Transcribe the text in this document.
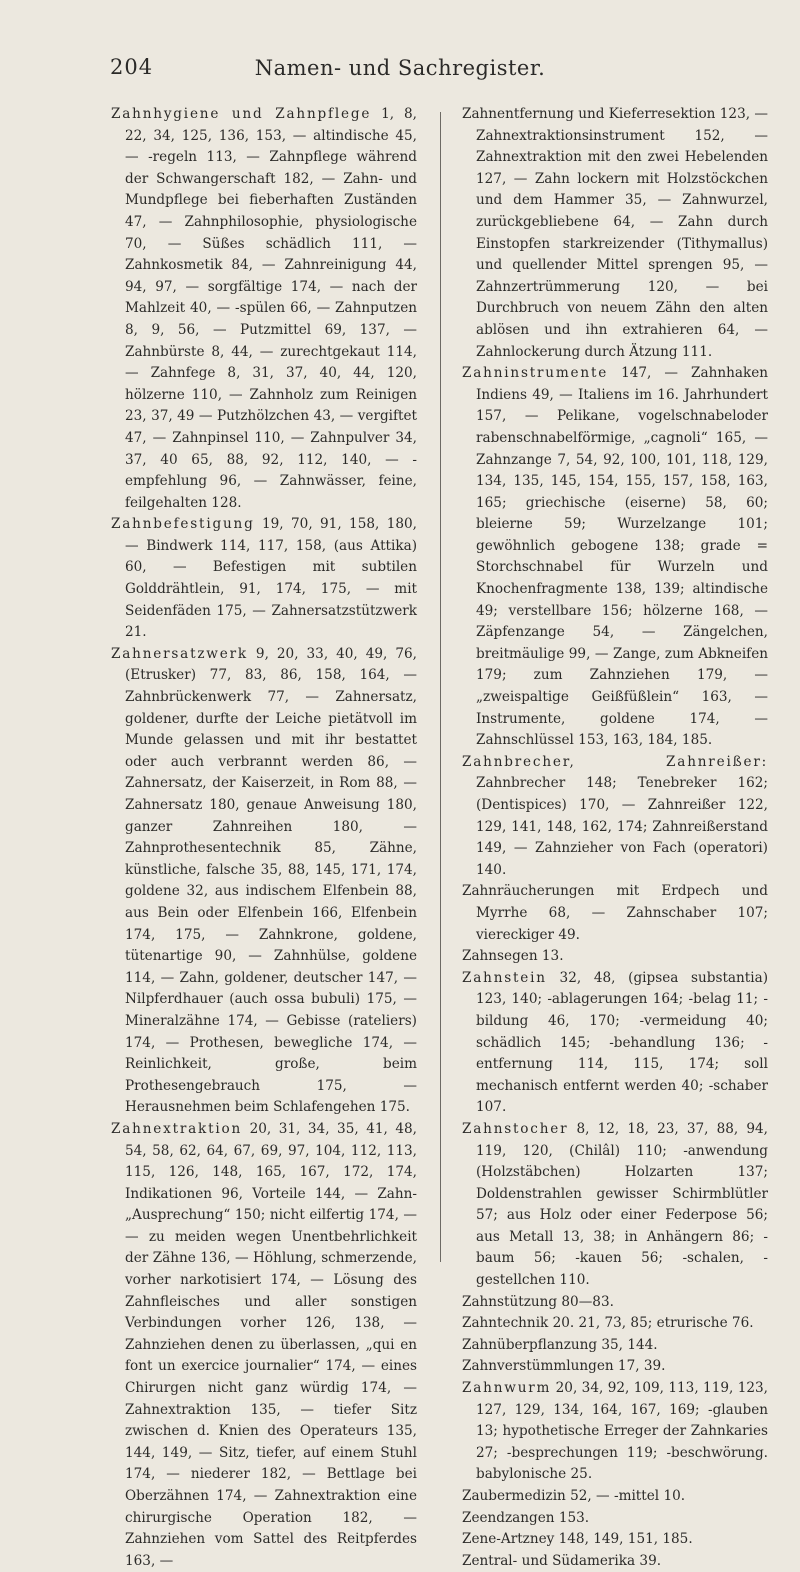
204	Namen- und Sachregister.

Zahnhygiene und Zahnpflege 1, 8, 22, 34, 125, 136, 153, — altindische 45, — -regeln 113, — Zahnpflege während der Schwangerschaft 182, — Zahn- und Mundpflege bei fieberhaften Zuständen 47, — Zahnphilosophie, physiologische 70, — Süßes schädlich 111, — Zahnkosmetik 84, — Zahnreinigung 44, 94, 97, — sorgfältige 174, — nach der Mahlzeit 40, — -spülen 66, — Zahnputzen 8, 9, 56, — Putzmittel 69, 137, — Zahnbürste 8, 44, — zurechtgekaut 114, — Zahnfege 8, 31, 37, 40, 44, 120, hölzerne 110, — Zahnholz zum Reinigen 23, 37, 49 — Putzhölzchen 43, — vergiftet 47, — Zahnpinsel 110, — Zahnpulver 34, 37, 40 65, 88, 92, 112, 140, — -empfehlung 96, — Zahnwässer, feine, feilgehalten 128.

Zahnbefestigung 19, 70, 91, 158, 180, — Bindwerk 114, 117, 158, (aus Attika) 60, — Befestigen mit subtilen Golddrähtlein, 91, 174, 175, — mit Seidenfäden 175, — Zahnersatzstützwerk 21.

Zahnersatzwerk 9, 20, 33, 40, 49, 76, (Etrusker) 77, 83, 86, 158, 164, — Zahnbrückenwerk 77, — Zahnersatz, goldener, durfte der Leiche pietätvoll im Munde gelassen und mit ihr bestattet oder auch verbrannt werden 86, — Zahnersatz, der Kaiserzeit, in Rom 88, — Zahnersatz 180, genaue Anweisung 180, ganzer Zahnreihen 180, — Zahnprothesentechnik 85, Zähne, künstliche, falsche 35, 88, 145, 171, 174, goldene 32, aus indischem Elfenbein 88, aus Bein oder Elfenbein 166, Elfenbein 174, 175, — Zahnkrone, goldene, tütenartige 90, — Zahnhülse, goldene 114, — Zahn, goldener, deutscher 147, — Nilpferdhauer (auch ossa bubuli) 175, — Mineralzähne 174, — Gebisse (rateliers) 174, — Prothesen, bewegliche 174, — Reinlichkeit, große, beim Prothesengebrauch 175, — Herausnehmen beim Schlafengehen 175.

Zahnextraktion 20, 31, 34, 35, 41, 48, 54, 58, 62, 64, 67, 69, 97, 104, 112, 113, 115, 126, 148, 165, 167, 172, 174, Indikationen 96, Vorteile 144, — Zahn-„Ausprechung“ 150; nicht eilfertig 174, — — zu meiden wegen Unentbehrlichkeit der Zähne 136, — Höhlung, schmerzende, vorher narkotisiert 174, — Lösung des Zahnfleisches und aller sonstigen Verbindungen vorher 126, 138, — Zahnziehen denen zu überlassen, „qui en font un exercice journalier“ 174, — eines Chirurgen nicht ganz würdig 174, — Zahnextraktion 135, — tiefer Sitz zwischen d. Knien des Operateurs 135, 144, 149, — Sitz, tiefer, auf einem Stuhl 174, — niederer 182, — Bettlage bei Oberzähnen 174, — Zahnextraktion eine chirurgische Operation 182, — Zahnziehen vom Sattel des Reitpferdes 163, —

Zahnentfernung und Kieferresektion 123, — Zahnextraktionsinstrument 152, — Zahnextraktion mit den zwei Hebelenden 127, — Zahn lockern mit Holzstöckchen und dem Hammer 35, — Zahnwurzel, zurückgebliebene 64, — Zahn durch Einstopfen starkreizender (Tithymallus) und quellender Mittel sprengen 95, — Zahnzertrümmerung 120, — bei Durchbruch von neuem Zähn den alten ablösen und ihn extrahieren 64, — Zahnlockerung durch Ätzung 111.

Zahninstrumente 147, — Zahnhaken Indiens 49, — Italiens im 16. Jahrhundert 157, — Pelikane, vogelschnabeloder rabenschnabelförmige, „cagnoli“ 165, — Zahnzange 7, 54, 92, 100, 101, 118, 129, 134, 135, 145, 154, 155, 157, 158, 163, 165; griechische (eiserne) 58, 60; bleierne 59; Wurzelzange 101; gewöhnlich gebogene 138; grade = Storchschnabel für Wurzeln und Knochenfragmente 138, 139; altindische 49; verstellbare 156; hölzerne 168, — Zäpfenzange 54, — Zängelchen, breitmäulige 99, — Zange, zum Abkneifen 179; zum Zahnziehen 179, — „zweispaltige Geißfüßlein“ 163, — Instrumente, goldene 174, — Zahnschlüssel 153, 163, 184, 185.

Zahnbrecher, Zahnreißer: Zahnbrecher 148; Tenebreker 162; (Dentispices) 170, — Zahnreißer 122, 129, 141, 148, 162, 174; Zahnreißerstand 149, — Zahnzieher von Fach (operatori) 140.

Zahnräucherungen mit Erdpech und Myrrhe 68, — Zahnschaber 107; viereckiger 49.

Zahnsegen 13.

Zahnstein 32, 48, (gipsea substantia) 123, 140; -ablagerungen 164; -belag 11; -bildung 46, 170; -vermeidung 40; schädlich 145; -behandlung 136; -entfernung 114, 115, 174; soll mechanisch entfernt werden 40; -schaber 107.

Zahnstocher 8, 12, 18, 23, 37, 88, 94, 119, 120, (Chilâl) 110; -anwendung (Holzstäbchen) Holzarten 137; Doldenstrahlen gewisser Schirmblütler 57; aus Holz oder einer Federpose 56; aus Metall 13, 38; in Anhängern 86; -baum 56; -kauen 56; -schalen, -gestellchen 110.

Zahnstützung 80—83.

Zahntechnik 20. 21, 73, 85; etrurische 76.

Zahnüberpflanzung 35, 144.

Zahnverstümmlungen 17, 39.

Zahnwurm 20, 34, 92, 109, 113, 119, 123, 127, 129, 134, 164, 167, 169; -glauben 13; hypothetische Erreger der Zahnkaries 27; -besprechungen 119; -beschwörung. babylonische 25.

Zaubermedizin 52, — -mittel 10.

Zeendzangen 153.

Zene-Artzney 148, 149, 151, 185.

Zentral- und Südamerika 39.
